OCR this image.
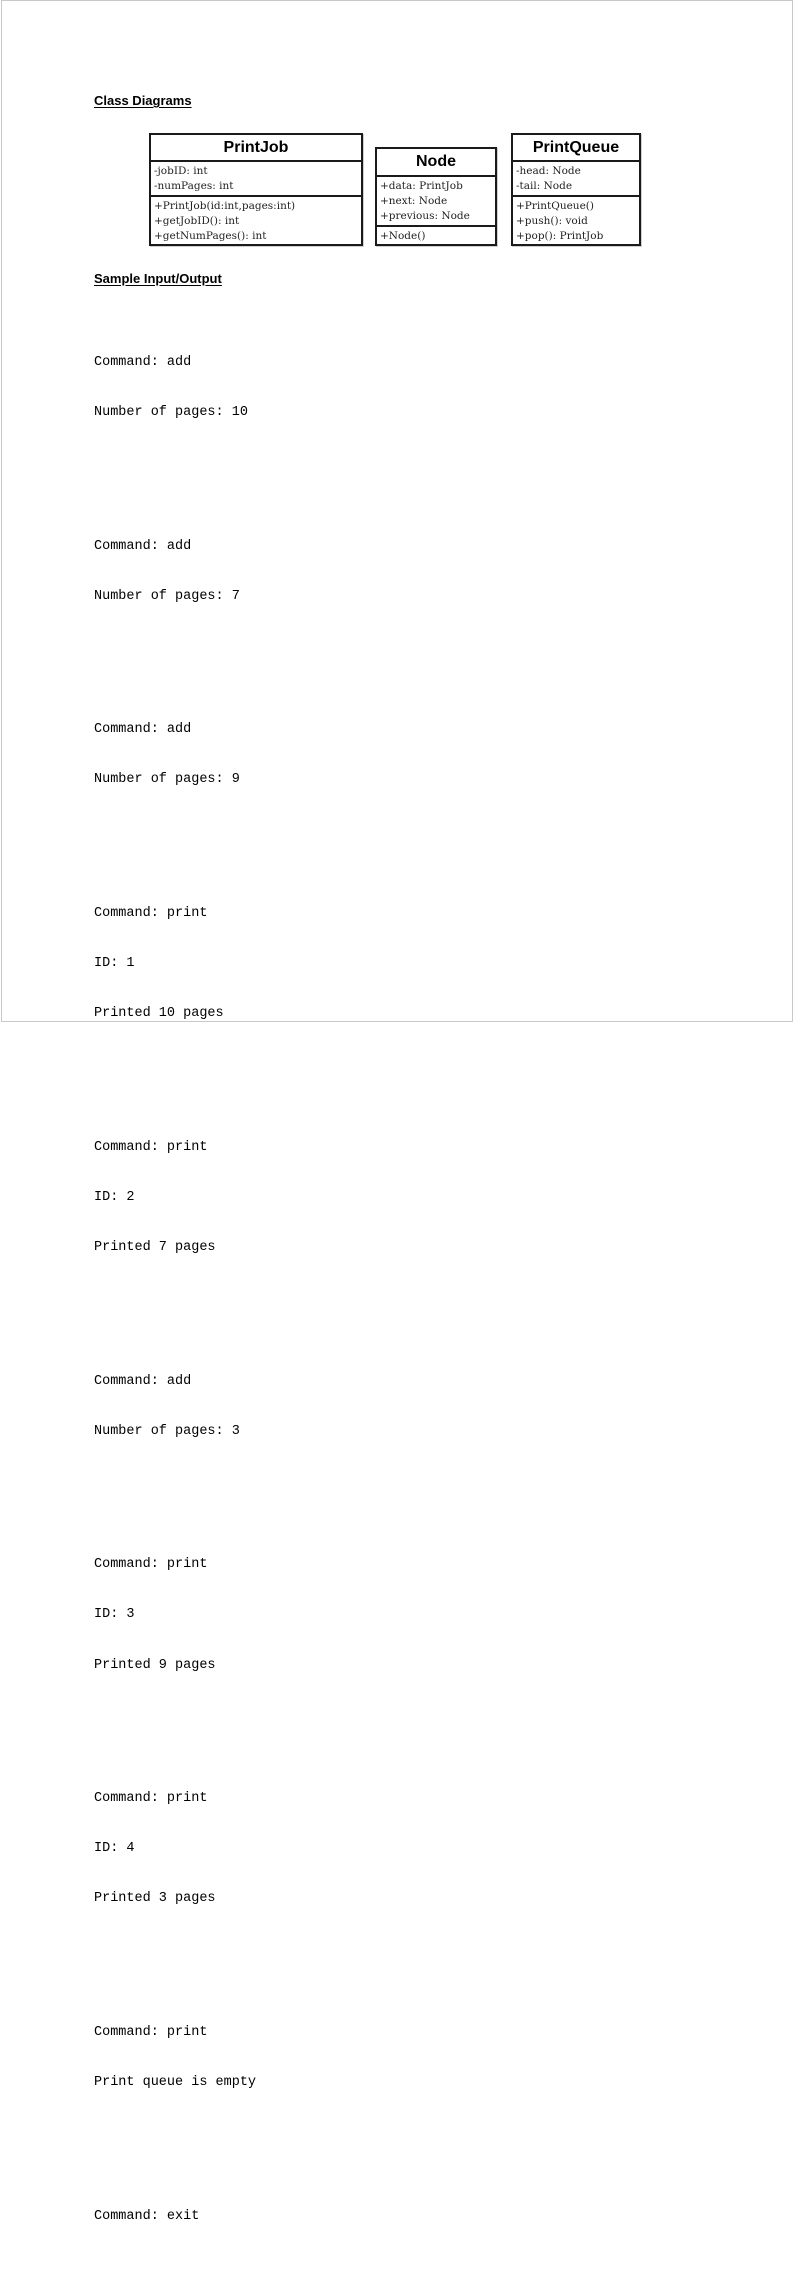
Class Diagrams
PrintJob
-jobID: int
-numPages: int
+PrintJob(id:int,pages:int)
+getJobID(): int
+getNumPages(): int
Node
+data: PrintJob
+next: Node
+previous: Node
+Node()
PrintQueue
-head: Node
-tail: Node
+PrintQueue()
+push(): void
+pop(): PrintJob
Sample Input/Output

Command: add

Number of pages: 10

Command: add

Number of pages: 7

Command: add

Number of pages: 9

Command: print

ID: 1

Printed 10 pages

Command: print

ID: 2

Printed 7 pages

Command: add

Number of pages: 3

Command: print

ID: 3

Printed 9 pages

Command: print

ID: 4

Printed 3 pages

Command: print

Print queue is empty

Command: exit
